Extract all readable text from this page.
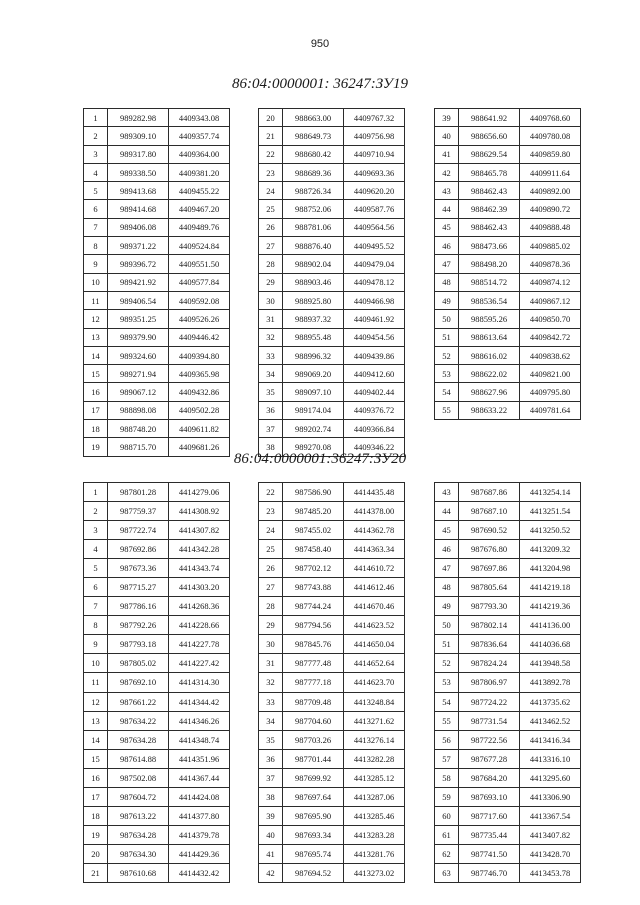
950
86:04:0000001: 36247:ЗУ19
1	989282.98	4409343.08
2	989309.10	4409357.74
3	989317.80	4409364.00
4	989338.50	4409381.20
5	989413.68	4409455.22
6	989414.68	4409467.20
7	989406.08	4409489.76
8	989371.22	4409524.84
9	989396.72	4409551.50
10	989421.92	4409577.84
11	989406.54	4409592.08
12	989351.25	4409526.26
13	989379.90	4409446.42
14	989324.60	4409394.80
15	989271.94	4409365.98
16	989067.12	4409432.86
17	988898.08	4409502.28
18	988748.20	4409611.82
19	988715.70	4409681.26
20	988663.00	4409767.32
21	988649.73	4409756.98
22	988680.42	4409710.94
23	988689.36	4409693.36
24	988726.34	4409620.20
25	988752.06	4409587.76
26	988781.06	4409564.56
27	988876.40	4409495.52
28	988902.04	4409479.04
29	988903.46	4409478.12
30	988925.80	4409466.98
31	988937.32	4409461.92
32	988955.48	4409454.56
33	988996.32	4409439.86
34	989069.20	4409412.60
35	989097.10	4409402.44
36	989174.04	4409376.72
37	989202.74	4409366.84
38	989270.08	4409346.22
39	988641.92	4409768.60
40	988656.60	4409780.08
41	988629.54	4409859.80
42	988465.78	4409911.64
43	988462.43	4409892.00
44	988462.39	4409890.72
45	988462.43	4409888.48
46	988473.66	4409885.02
47	988498.20	4409878.36
48	988514.72	4409874.12
49	988536.54	4409867.12
50	988595.26	4409850.70
51	988613.64	4409842.72
52	988616.02	4409838.62
53	988622.02	4409821.00
54	988627.96	4409795.80
55	988633.22	4409781.64
86:04:0000001:36247:ЗУ20
1	987801.28	4414279.06
2	987759.37	4414308.92
3	987722.74	4414307.82
4	987692.86	4414342.28
5	987673.36	4414343.74
6	987715.27	4414303.20
7	987786.16	4414268.36
8	987792.26	4414228.66
9	987793.18	4414227.78
10	987805.02	4414227.42
11	987692.10	4414314.30
12	987661.22	4414344.42
13	987634.22	4414346.26
14	987634.28	4414348.74
15	987614.88	4414351.96
16	987502.08	4414367.44
17	987604.72	4414424.08
18	987613.22	4414377.80
19	987634.28	4414379.78
20	987634.30	4414429.36
21	987610.68	4414432.42
22	987586.90	4414435.48
23	987485.20	4414378.00
24	987455.02	4414362.78
25	987458.40	4414363.34
26	987702.12	4414610.72
27	987743.88	4414612.46
28	987744.24	4414670.46
29	987794.56	4414623.52
30	987845.76	4414650.04
31	987777.48	4414652.64
32	987777.18	4414623.70
33	987709.48	4413248.84
34	987704.60	4413271.62
35	987703.26	4413276.14
36	987701.44	4413282.28
37	987699.92	4413285.12
38	987697.64	4413287.06
39	987695.90	4413285.46
40	987693.34	4413283.28
41	987695.74	4413281.76
42	987694.52	4413273.02
43	987687.86	4413254.14
44	987687.10	4413251.54
45	987690.52	4413250.52
46	987676.80	4413209.32
47	987697.86	4413204.98
48	987805.64	4414219.18
49	987793.30	4414219.36
50	987802.14	4414136.00
51	987836.64	4414036.68
52	987824.24	4413948.58
53	987806.97	4413892.78
54	987724.22	4413735.62
55	987731.54	4413462.52
56	987722.56	4413416.34
57	987677.28	4413316.10
58	987684.20	4413295.60
59	987693.10	4413306.90
60	987717.60	4413367.54
61	987735.44	4413407.82
62	987741.50	4413428.70
63	987746.70	4413453.78
